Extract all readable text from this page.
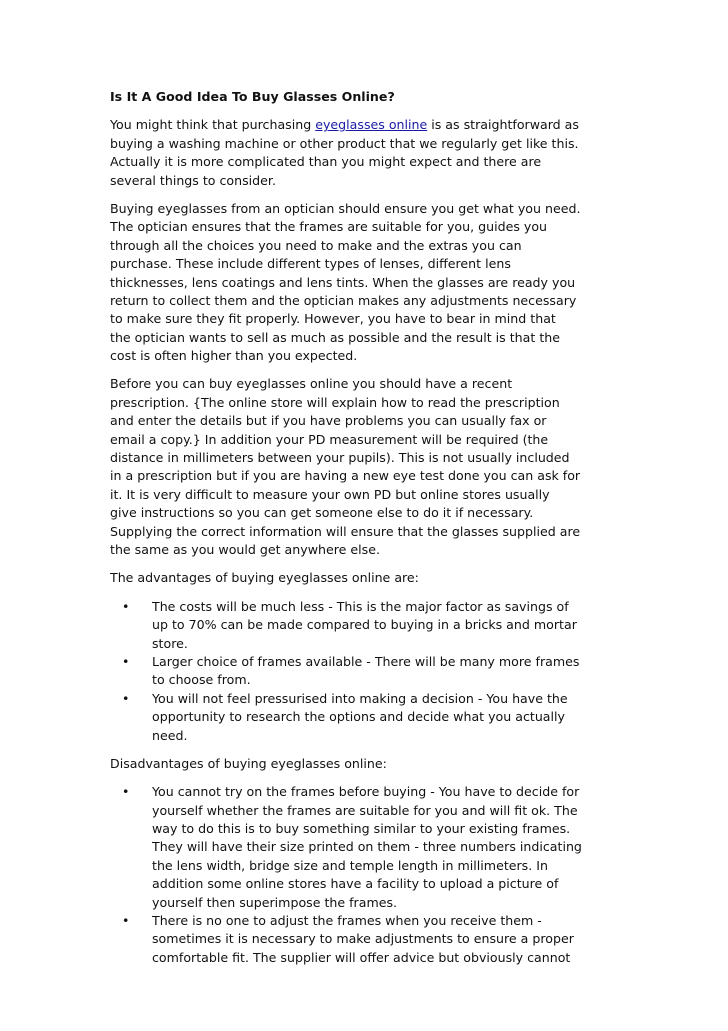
Is It A Good Idea To Buy Glasses Online?
You might think that purchasing eyeglasses online is as straightforward as
buying a washing machine or other product that we regularly get like this.
Actually it is more complicated than you might expect and there are
several things to consider.
Buying eyeglasses from an optician should ensure you get what you need.
The optician ensures that the frames are suitable for you, guides you
through all the choices you need to make and the extras you can
purchase. These include different types of lenses, different lens
thicknesses, lens coatings and lens tints. When the glasses are ready you
return to collect them and the optician makes any adjustments necessary
to make sure they fit properly. However, you have to bear in mind that
the optician wants to sell as much as possible and the result is that the
cost is often higher than you expected.
Before you can buy eyeglasses online you should have a recent
prescription. {The online store will explain how to read the prescription
and enter the details but if you have problems you can usually fax or
email a copy.} In addition your PD measurement will be required (the
distance in millimeters between your pupils). This is not usually included
in a prescription but if you are having a new eye test done you can ask for
it. It is very difficult to measure your own PD but online stores usually
give instructions so you can get someone else to do it if necessary.
Supplying the correct information will ensure that the glasses supplied are
the same as you would get anywhere else.
The advantages of buying eyeglasses online are:
• The costs will be much less - This is the major factor as savings of
up to 70% can be made compared to buying in a bricks and mortar
store.
• Larger choice of frames available - There will be many more frames
to choose from.
• You will not feel pressurised into making a decision - You have the
opportunity to research the options and decide what you actually
need.
Disadvantages of buying eyeglasses online:
• You cannot try on the frames before buying - You have to decide for
yourself whether the frames are suitable for you and will fit ok. The
way to do this is to buy something similar to your existing frames.
They will have their size printed on them - three numbers indicating
the lens width, bridge size and temple length in millimeters. In
addition some online stores have a facility to upload a picture of
yourself then superimpose the frames.
• There is no one to adjust the frames when you receive them -
sometimes it is necessary to make adjustments to ensure a proper
comfortable fit. The supplier will offer advice but obviously cannot
